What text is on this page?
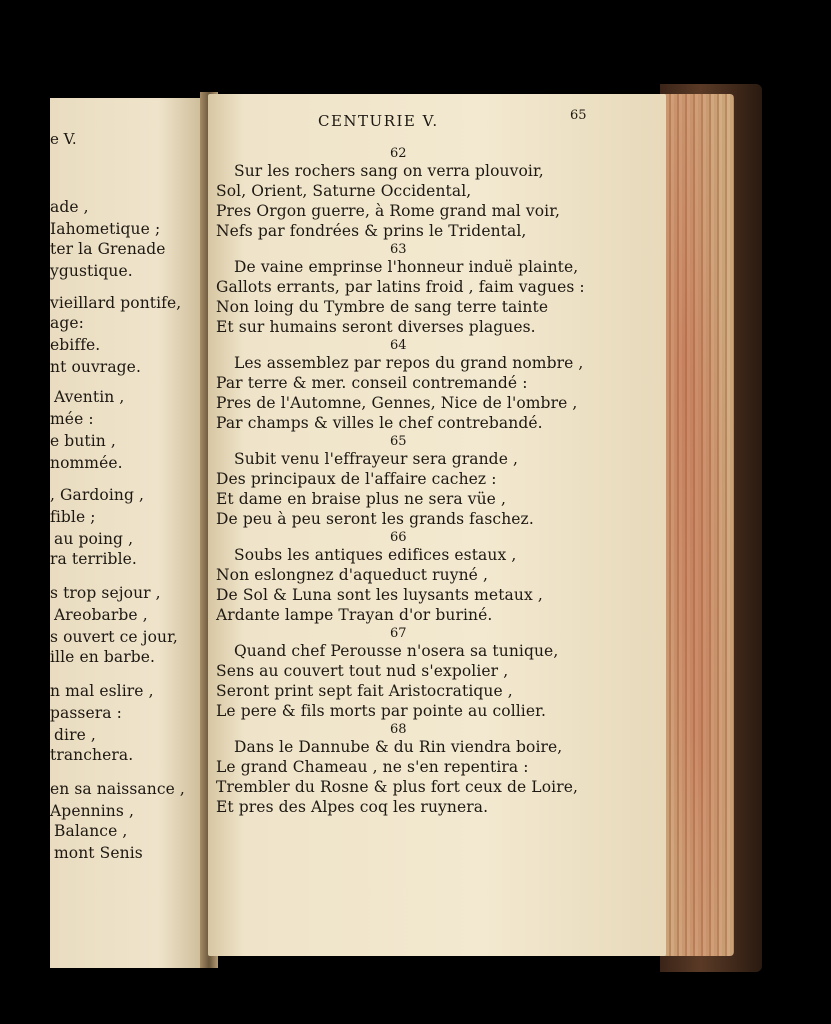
e V.
ade ,
Iahometique ;
ter la Grenade
ygustique.
vieillard pontife,
age:
ebiffe.
nt ouvrage.
Aventin ,
mée :
e butin ,
nommée.
, Gardoing ,
fible ;
au poing ,
ra terrible.
s trop sejour ,
Areobarbe ,
s ouvert ce jour,
ille en barbe.
n mal eslire ,
passera :
dire ,
tranchera.
en sa naissance ,
Apennins ,
Balance ,
mont Senis
CENTURIE V.	65
62
Sur les rochers sang on verra plouvoir,
Sol, Orient, Saturne Occidental,
Pres Orgon guerre, à Rome grand mal voir,
Nefs par fondrées & prins le Tridental,
63
De vaine emprinse l'honneur induë plainte,
Gallots errants, par latins froid , faim vagues :
Non loing du Tymbre de sang terre tainte
Et sur humains seront diverses plagues.
64
Les assemblez par repos du grand nombre ,
Par terre & mer. conseil contremandé :
Pres de l'Automne, Gennes, Nice de l'ombre ,
Par champs & villes le chef contrebandé.
65
Subit venu l'effrayeur sera grande ,
Des principaux de l'affaire cachez :
Et dame en braise plus ne sera vüe ,
De peu à peu seront les grands faschez.
66
Soubs les antiques edifices estaux ,
Non eslongnez d'aqueduct ruyné ,
De Sol & Luna sont les luysants metaux ,
Ardante lampe Trayan d'or buriné.
67
Quand chef Perousse n'osera sa tunique,
Sens au couvert tout nud s'expolier ,
Seront print sept fait Aristocratique ,
Le pere & fils morts par pointe au collier.
68
Dans le Dannube & du Rin viendra boire,
Le grand Chameau , ne s'en repentira :
Trembler du Rosne & plus fort ceux de Loire,
Et pres des Alpes coq les ruynera.
